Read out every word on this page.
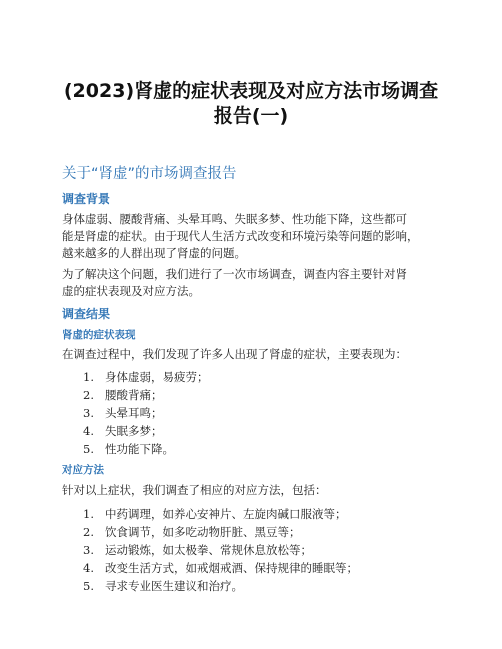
(2023)肾虚的症状表现及对应方法市场调查
报告(一)
关于“肾虚”的市场调查报告
调查背景
身体虚弱、腰酸背痛、头晕耳鸣、失眠多梦、性功能下降，这些都可
能是肾虚的症状。由于现代人生活方式改变和环境污染等问题的影响，
越来越多的人群出现了肾虚的问题。
为了解决这个问题，我们进行了一次市场调查，调查内容主要针对肾
虚的症状表现及对应方法。
调查结果
肾虚的症状表现
在调查过程中，我们发现了许多人出现了肾虚的症状，主要表现为：
1. 身体虚弱，易疲劳；
2. 腰酸背痛；
3. 头晕耳鸣；
4. 失眠多梦；
5. 性功能下降。
对应方法
针对以上症状，我们调查了相应的对应方法，包括：
1. 中药调理，如养心安神片、左旋肉碱口服液等；
2. 饮食调节，如多吃动物肝脏、黑豆等；
3. 运动锻炼，如太极拳、常规休息放松等；
4. 改变生活方式，如戒烟戒酒、保持规律的睡眠等；
5. 寻求专业医生建议和治疗。
